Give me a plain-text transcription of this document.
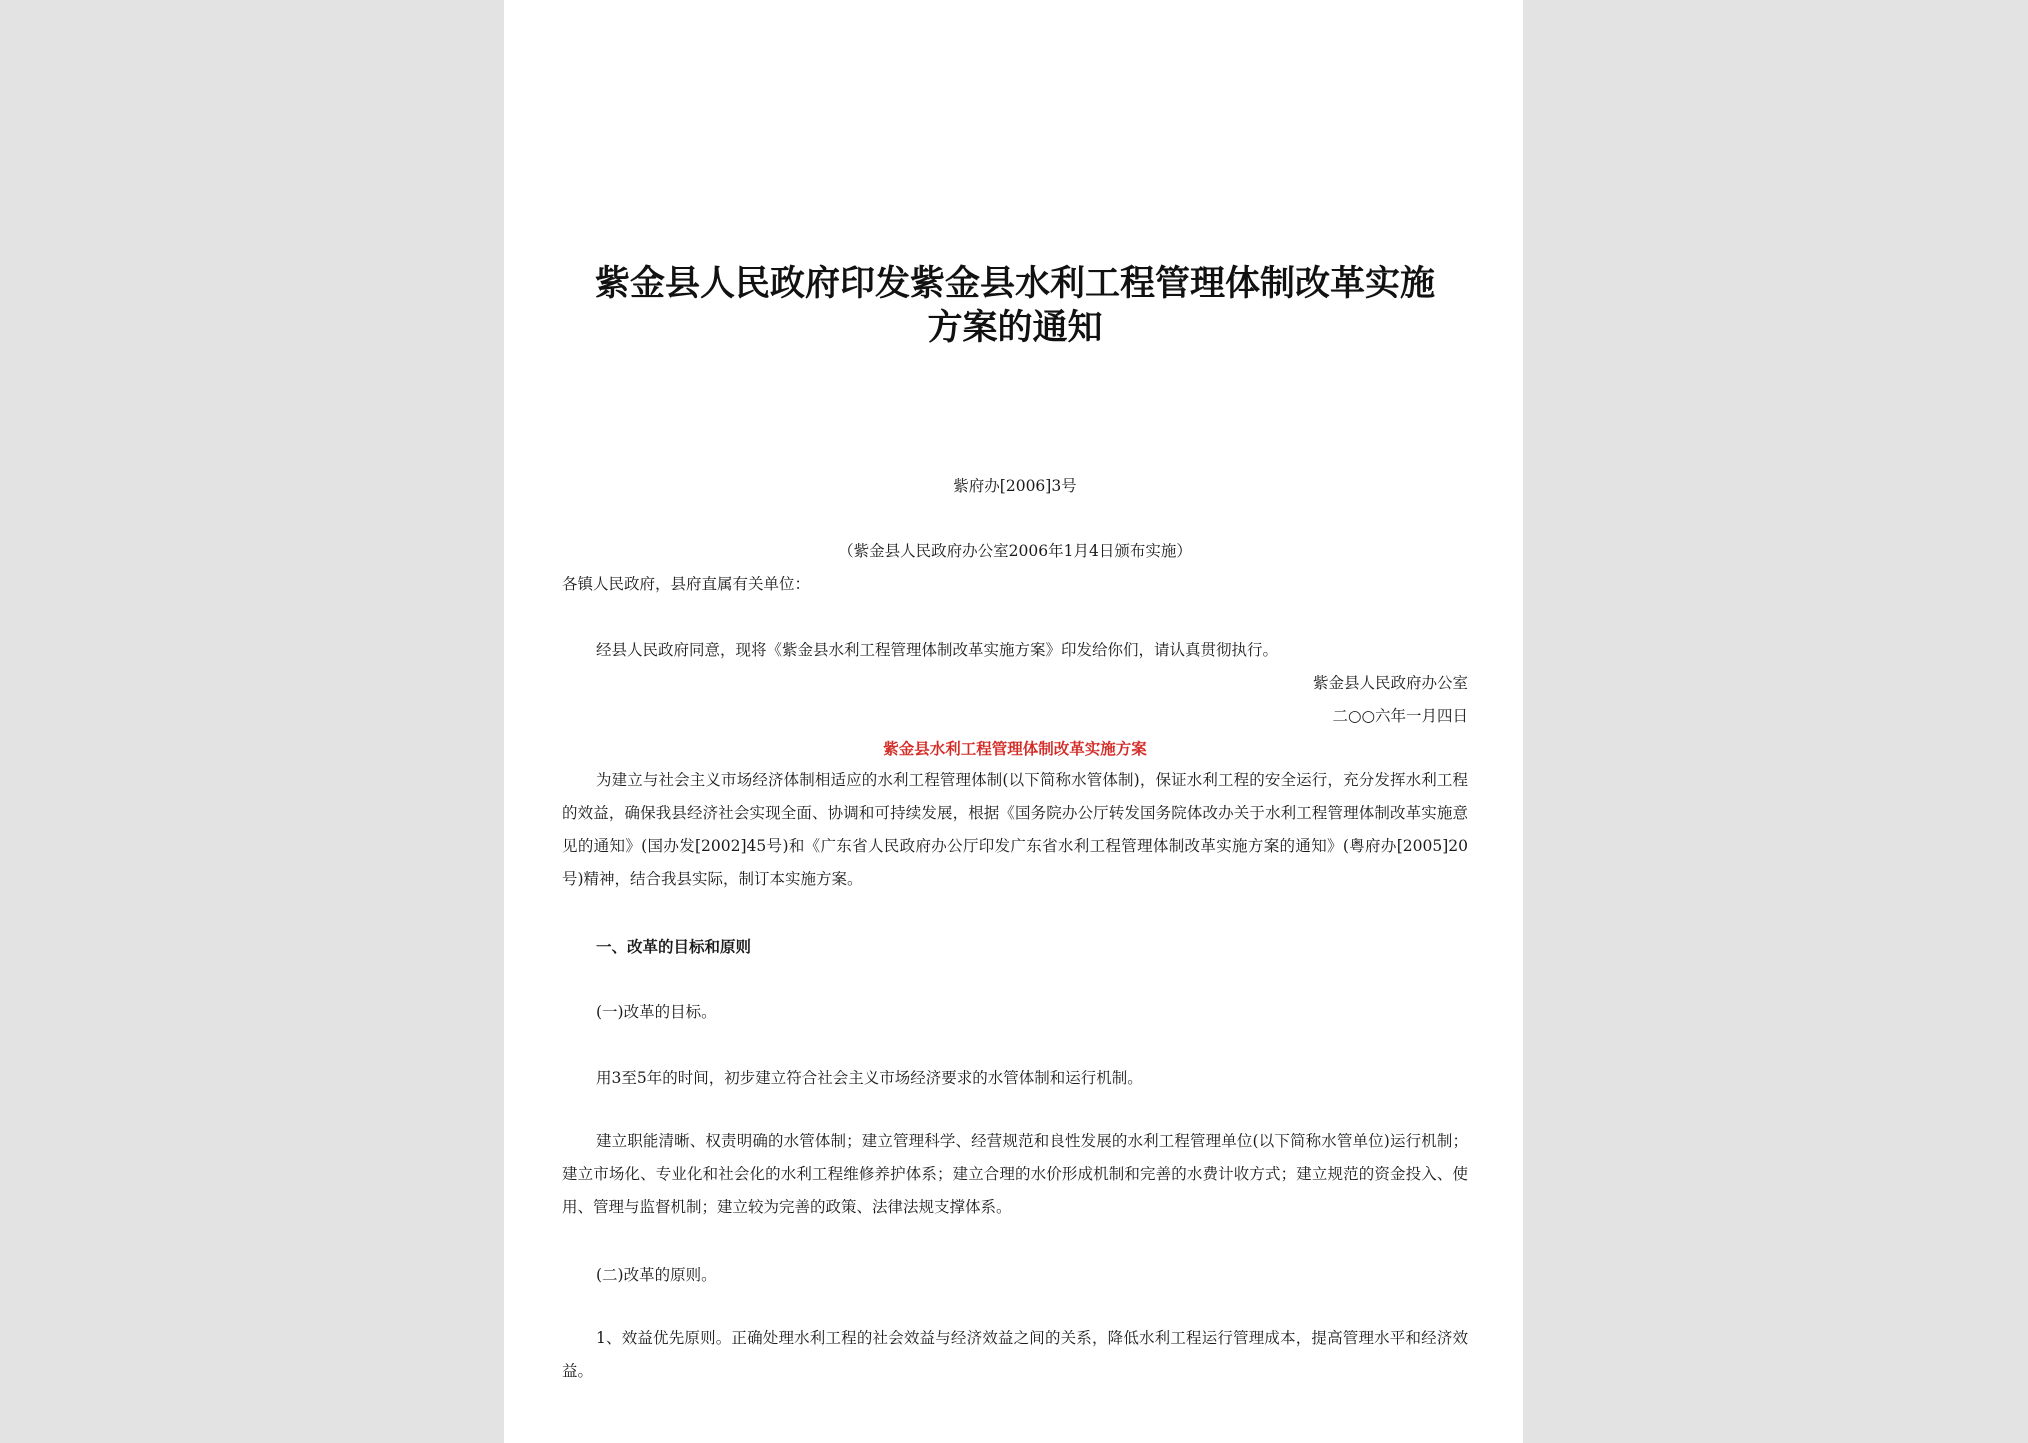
紫金县人民政府印发紫金县水利工程管理体制改革实施
方案的通知
紫府办[2006]3号
（紫金县人民政府办公室2006年1月4日颁布实施）
各镇人民政府，县府直属有关单位：
经县人民政府同意，现将《紫金县水利工程管理体制改革实施方案》印发给你们，请认真贯彻执行。
紫金县人民政府办公室
二○○六年一月四日
紫金县水利工程管理体制改革实施方案
为建立与社会主义市场经济体制相适应的水利工程管理体制(以下简称水管体制)，保证水利工程的安全运行，充分发挥水利工程的效益，确保我县经济社会实现全面、协调和可持续发展，根据《国务院办公厅转发国务院体改办关于水利工程管理体制改革实施意见的通知》(国办发[2002]45号)和《广东省人民政府办公厅印发广东省水利工程管理体制改革实施方案的通知》(粤府办[2005]20号)精神，结合我县实际，制订本实施方案。
一、改革的目标和原则
(一)改革的目标。
用3至5年的时间，初步建立符合社会主义市场经济要求的水管体制和运行机制。
建立职能清晰、权责明确的水管体制；建立管理科学、经营规范和良性发展的水利工程管理单位(以下简称水管单位)运行机制；建立市场化、专业化和社会化的水利工程维修养护体系；建立合理的水价形成机制和完善的水费计收方式；建立规范的资金投入、使用、管理与监督机制；建立较为完善的政策、法律法规支撑体系。
(二)改革的原则。
1、效益优先原则。正确处理水利工程的社会效益与经济效益之间的关系，降低水利工程运行管理成本，提高管理水平和经济效益。
